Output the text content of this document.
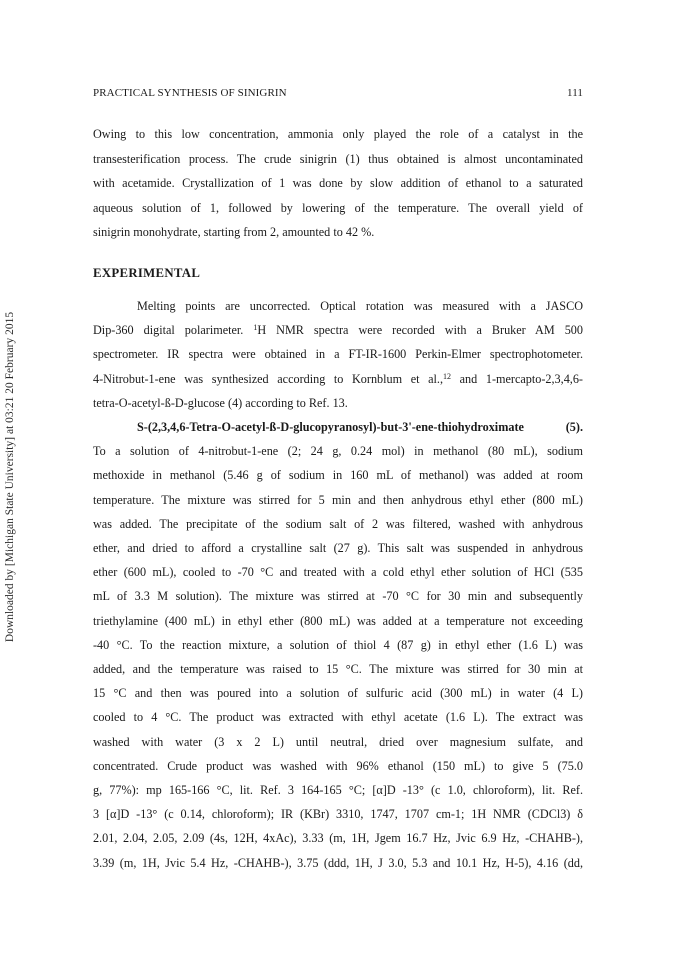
Downloaded by [Michigan State University] at 03:21 20 February 2015
PRACTICAL SYNTHESIS OF SINIGRIN	111
Owing to this low concentration, ammonia only played the role of a catalyst in the
transesterification process. The crude sinigrin (1) thus obtained is almost uncontaminated
with acetamide. Crystallization of 1 was done by slow addition of ethanol to a saturated
aqueous solution of 1, followed by lowering of the temperature. The overall yield of
sinigrin monohydrate, starting from 2, amounted to 42 %.
EXPERIMENTAL
Melting points are uncorrected. Optical rotation was measured with a JASCO
Dip-360 digital polarimeter. $^1$H NMR spectra were recorded with a Bruker AM 500
spectrometer. IR spectra were obtained in a FT-IR-1600 Perkin-Elmer spectrophotometer.
4-Nitrobut-1-ene was synthesized according to Kornblum et al.,$^{12}$ and 1-mercapto-2,3,4,6-
tetra-O-acetyl-ß-D-glucose (4) according to Ref. 13.
S-(2,3,4,6-Tetra-O-acetyl-ß-D-glucopyranosyl)-but-3'-ene-thiohydroximate	(5).
To a solution of 4-nitrobut-1-ene (2; 24 g, 0.24 mol) in methanol (80 mL), sodium
methoxide in methanol (5.46 g of sodium in 160 mL of methanol) was added at room
temperature. The mixture was stirred for 5 min and then anhydrous ethyl ether (800 mL)
was added. The precipitate of the sodium salt of 2 was filtered, washed with anhydrous
ether, and dried to afford a crystalline salt (27 g). This salt was suspended in anhydrous
ether (600 mL), cooled to -70 °C and treated with a cold ethyl ether solution of HCl (535
mL of 3.3 M solution). The mixture was stirred at -70 °C for 30 min and subsequently
triethylamine (400 mL) in ethyl ether (800 mL) was added at a temperature not exceeding
-40 °C. To the reaction mixture, a solution of thiol 4 (87 g) in ethyl ether (1.6 L) was
added, and the temperature was raised to 15 °C. The mixture was stirred for 30 min at
15 °C and then was poured into a solution of sulfuric acid (300 mL) in water (4 L)
cooled to 4 °C. The product was extracted with ethyl acetate (1.6 L). The extract was
washed with water (3 x 2 L) until neutral, dried over magnesium sulfate, and
concentrated. Crude product was washed with 96% ethanol (150 mL) to give 5 (75.0
g, 77%): mp 165-166 °C, lit. Ref. 3 164-165 °C; [α]D -13° (c 1.0, chloroform), lit. Ref.
3 [α]D -13° (c 0.14, chloroform); IR (KBr) 3310, 1747, 1707 cm-1; 1H NMR (CDCl3) δ
2.01, 2.04, 2.05, 2.09 (4s, 12H, 4xAc), 3.33 (m, 1H, Jgem 16.7 Hz, Jvic 6.9 Hz, -CHAHB-),
3.39 (m, 1H, Jvic 5.4 Hz, -CHAHB-), 3.75 (ddd, 1H, J 3.0, 5.3 and 10.1 Hz, H-5), 4.16 (dd,
